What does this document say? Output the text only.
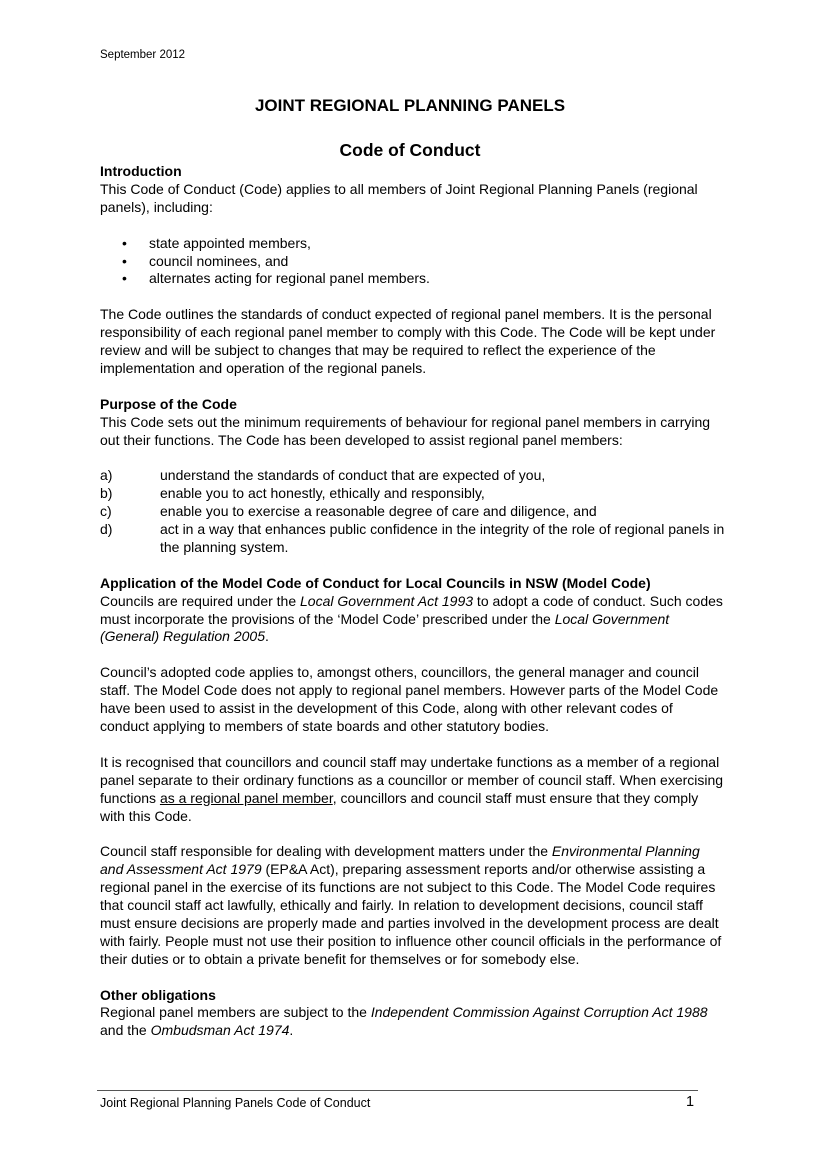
September 2012
JOINT REGIONAL PLANNING PANELS
Code of Conduct
Introduction

This Code of Conduct (Code) applies to all members of Joint Regional Planning Panels (regional panels), including:

• state appointed members,
• council nominees, and
• alternates acting for regional panel members.

The Code outlines the standards of conduct expected of regional panel members. It is the personal responsibility of each regional panel member to comply with this Code. The Code will be kept under review and will be subject to changes that may be required to reflect the experience of the implementation and operation of the regional panels.

Purpose of the Code

This Code sets out the minimum requirements of behaviour for regional panel members in carrying out their functions. The Code has been developed to assist regional panel members:

a)	understand the standards of conduct that are expected of you,
b)	enable you to act honestly, ethically and responsibly,
c)	enable you to exercise a reasonable degree of care and diligence, and
d)	act in a way that enhances public confidence in the integrity of the role of regional panels in the planning system.
Application of the Model Code of Conduct for Local Councils in NSW (Model Code)

Councils are required under the Local Government Act 1993 to adopt a code of conduct. Such codes must incorporate the provisions of the ‘Model Code’ prescribed under the Local Government (General) Regulation 2005.

Council’s adopted code applies to, amongst others, councillors, the general manager and council staff. The Model Code does not apply to regional panel members. However parts of the Model Code have been used to assist in the development of this Code, along with other relevant codes of conduct applying to members of state boards and other statutory bodies.

It is recognised that councillors and council staff may undertake functions as a member of a regional panel separate to their ordinary functions as a councillor or member of council staff. When exercising functions as a regional panel member, councillors and council staff must ensure that they comply with this Code.

Council staff responsible for dealing with development matters under the Environmental Planning and Assessment Act 1979 (EP&A Act), preparing assessment reports and/or otherwise assisting a regional panel in the exercise of its functions are not subject to this Code. The Model Code requires that council staff act lawfully, ethically and fairly. In relation to development decisions, council staff must ensure decisions are properly made and parties involved in the development process are dealt with fairly. People must not use their position to influence other council officials in the performance of their duties or to obtain a private benefit for themselves or for somebody else.

Other obligations

Regional panel members are subject to the Independent Commission Against Corruption Act 1988 and the Ombudsman Act 1974.

Joint Regional Planning Panels Code of Conduct	1
